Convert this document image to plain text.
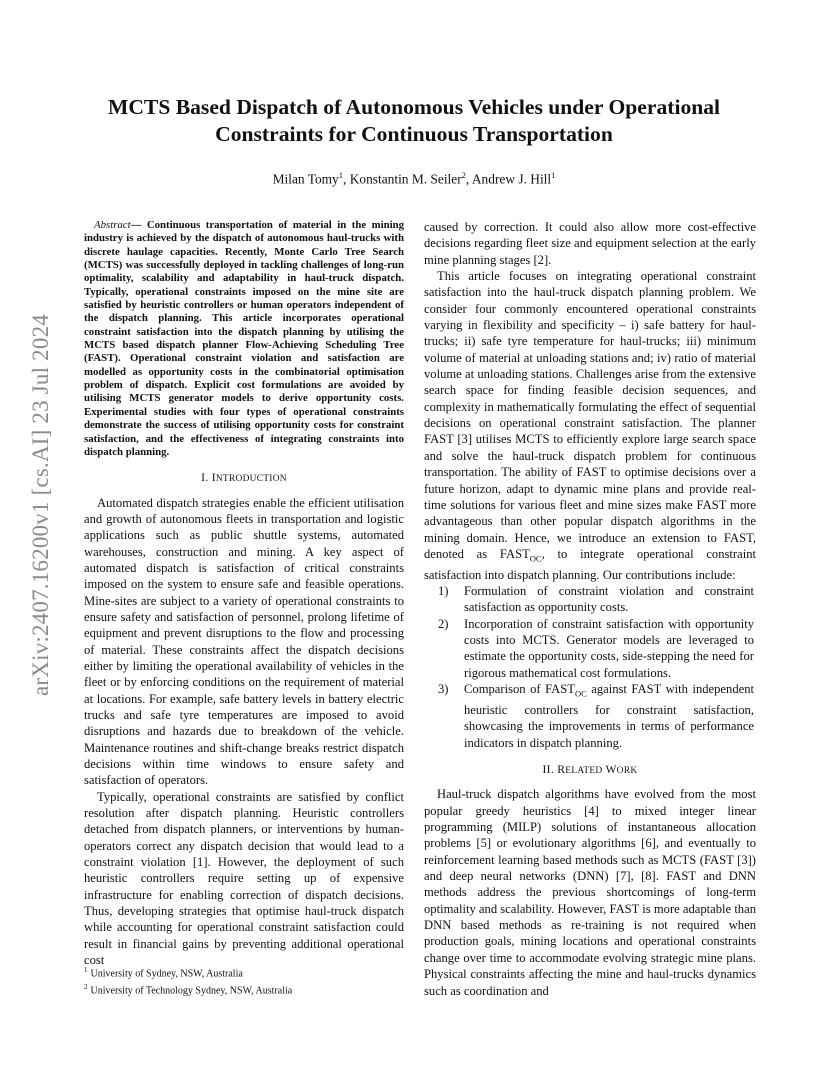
arXiv:2407.16200v1 [cs.AI] 23 Jul 2024
MCTS Based Dispatch of Autonomous Vehicles under Operational
Constraints for Continuous Transportation
Milan Tomy$^1$, Konstantin M. Seiler$^2$, Andrew J. Hill$^1$

Abstract— Continuous transportation of material in the mining industry is achieved by the dispatch of autonomous haul-trucks with discrete haulage capacities. Recently, Monte Carlo Tree Search (MCTS) was successfully deployed in tackling challenges of long-run optimality, scalability and adaptability in haul-truck dispatch. Typically, operational constraints imposed on the mine site are satisfied by heuristic controllers or human operators independent of the dispatch planning. This article incorporates operational constraint satisfaction into the dispatch planning by utilising the MCTS based dispatch planner Flow-Achieving Scheduling Tree (FAST). Operational constraint violation and satisfaction are modelled as opportunity costs in the combinatorial optimisation problem of dispatch. Explicit cost formulations are avoided by utilising MCTS generator models to derive opportunity costs. Experimental studies with four types of operational constraints demonstrate the success of utilising opportunity costs for constraint satisfaction, and the effectiveness of integrating constraints into dispatch planning.

I. INTRODUCTION

Automated dispatch strategies enable the efficient utilisation and growth of autonomous fleets in transportation and logistic applications such as public shuttle systems, automated warehouses, construction and mining. A key aspect of automated dispatch is satisfaction of critical constraints imposed on the system to ensure safe and feasible operations. Mine-sites are subject to a variety of operational constraints to ensure safety and satisfaction of personnel, prolong lifetime of equipment and prevent disruptions to the flow and processing of material. These constraints affect the dispatch decisions either by limiting the operational availability of vehicles in the fleet or by enforcing conditions on the requirement of material at locations. For example, safe battery levels in battery electric trucks and safe tyre temperatures are imposed to avoid disruptions and hazards due to breakdown of the vehicle. Maintenance routines and shift-change breaks restrict dispatch decisions within time windows to ensure safety and satisfaction of operators.

Typically, operational constraints are satisfied by conflict resolution after dispatch planning. Heuristic controllers detached from dispatch planners, or interventions by human-operators correct any dispatch decision that would lead to a constraint violation [1]. However, the deployment of such heuristic controllers require setting up of expensive infrastructure for enabling correction of dispatch decisions. Thus, developing strategies that optimise haul-truck dispatch while accounting for operational constraint satisfaction could result in financial gains by preventing additional operational cost

caused by correction. It could also allow more cost-effective decisions regarding fleet size and equipment selection at the early mine planning stages [2].

This article focuses on integrating operational constraint satisfaction into the haul-truck dispatch planning problem. We consider four commonly encountered operational constraints varying in flexibility and specificity – i) safe battery for haul-trucks; ii) safe tyre temperature for haul-trucks; iii) minimum volume of material at unloading stations and; iv) ratio of material volume at unloading stations. Challenges arise from the extensive search space for finding feasible decision sequences, and complexity in mathematically formulating the effect of sequential decisions on operational constraint satisfaction. The planner FAST [3] utilises MCTS to efficiently explore large search space and solve the haul-truck dispatch problem for continuous transportation. The ability of FAST to optimise decisions over a future horizon, adapt to dynamic mine plans and provide real-time solutions for various fleet and mine sizes make FAST more advantageous than other popular dispatch algorithms in the mining domain. Hence, we introduce an extension to FAST, denoted as $FAST_{OC}$, to integrate operational constraint satisfaction into dispatch planning. Our contributions include:

1) Formulation of constraint violation and constraint satisfaction as opportunity costs.
2) Incorporation of constraint satisfaction with opportunity costs into MCTS. Generator models are leveraged to estimate the opportunity costs, side-stepping the need for rigorous mathematical cost formulations.
3) Comparison of $FAST_{OC}$ against FAST with independent heuristic controllers for constraint satisfaction, showcasing the improvements in terms of performance indicators in dispatch planning.
II. RELATED WORK

Haul-truck dispatch algorithms have evolved from the most popular greedy heuristics [4] to mixed integer linear programming (MILP) solutions of instantaneous allocation problems [5] or evolutionary algorithms [6], and eventually to reinforcement learning based methods such as MCTS (FAST [3]) and deep neural networks (DNN) [7], [8]. FAST and DNN methods address the previous shortcomings of long-term optimality and scalability. However, FAST is more adaptable than DNN based methods as re-training is not required when production goals, mining locations and operational constraints change over time to accommodate evolving strategic mine plans. Physical constraints affecting the mine and haul-trucks dynamics such as coordination and

$^1$ University of Sydney, NSW, Australia
$^2$ University of Technology Sydney, NSW, Australia
